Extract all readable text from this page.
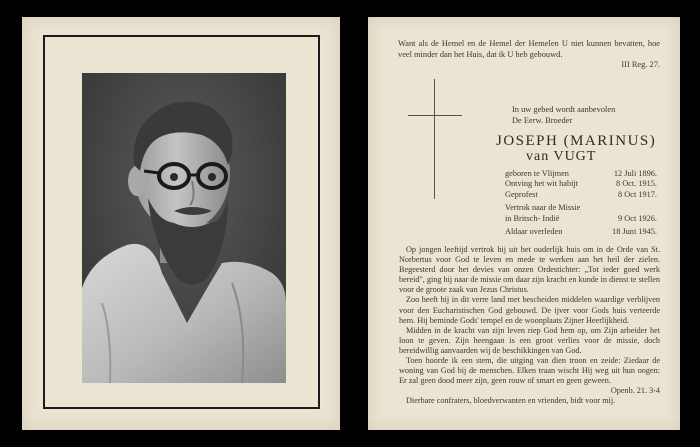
Want als de Hemel en de Hemel der Hemelen U niet kunnen bevatten, hoe veel minder dan het Huis, dat ik U heb gebouwd.
III Reg. 27.
In uw gebed wordt aanbevolen
De Eerw. Broeder
JOSEPH (MARINUS)
van VUGT
geboren te Vlijmen	12 Juli 1896.
Ontving het wit habijt	8 Oct. 1915.
Geprofest	8 Oct 1917.
Vertrok naar de Missie
in Britsch- Indië	9 Oct 1926.
Aldaar overleden	18 Juni 1945.

Op jongen leeftijd vertrok hij uit het ouderlijk huis om in de Orde van St. Norbertus voor God te leven en mede te werken aan het heil der zielen. Begeesterd door het devies van onzen Ordestichter: „Tot ieder goed werk bereid", ging hij naar de missie om daar zijn kracht en kunde in dienst te stellen voor de groote zaak van Jezus Christus.

Zoo heeft hij in dit verre land met bescheiden middelen waardige verblijven voor den Eucharistischen God gebouwd. De ijver voor Gods huis verteerde hem. Hij beminde Gods' tempel en de woonplaats Zijner Heerlijkheid.

Midden in de kracht van zijn leven riep God hem op, om Zijn arbeider het loon te geven. Zijn heengaan is een groot verlies voor de missie, doch bereidwillig aanvaarden wij de beschikkingen van God.

Toen hoorde ik een stem, die uitging van dien troon en zeide: Ziedaar de woning van God bij de menschen. Elken traan wischt Hij weg uit hun oogen: Er zal geen dood meer zijn, geen rouw of smart en geen geween.

Openb. 21. 3-4

Dierbare confraters, bloedverwanten en vrienden, bidt voor mij.
